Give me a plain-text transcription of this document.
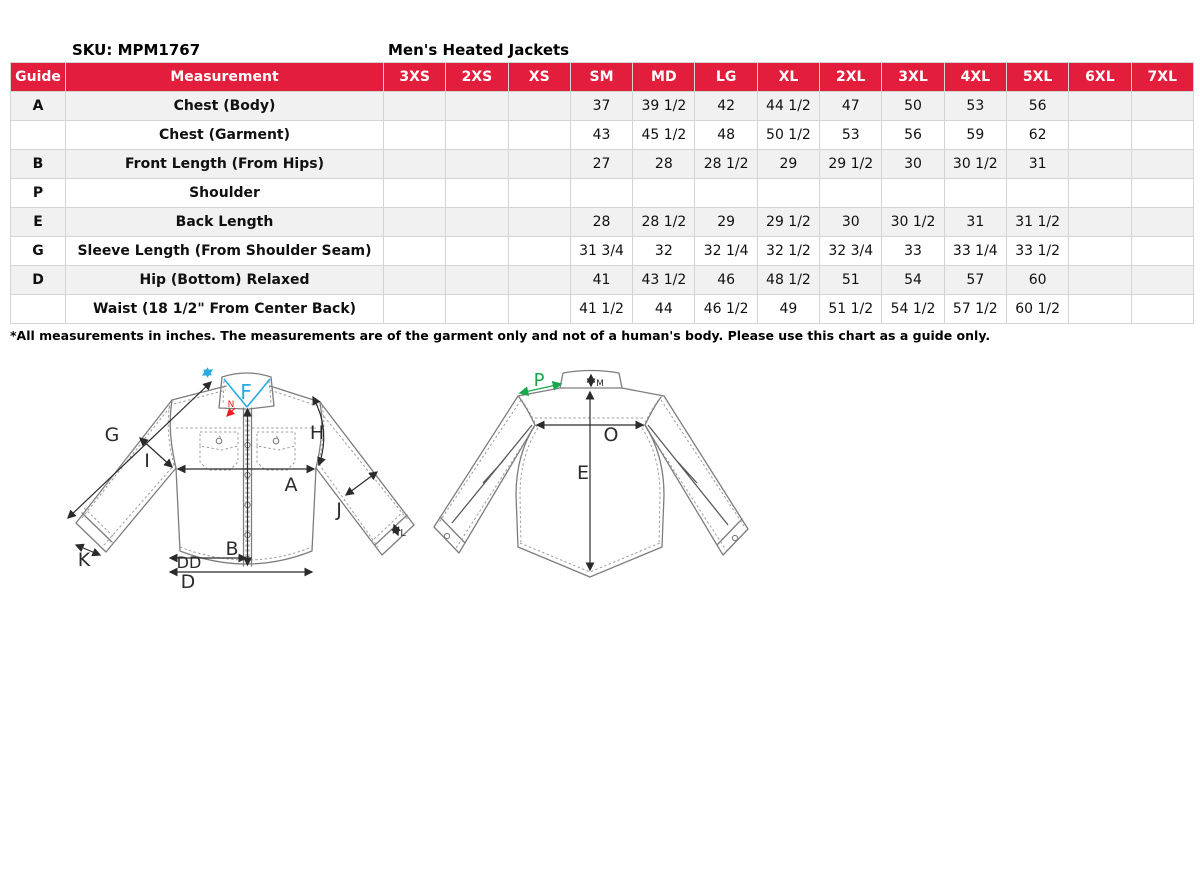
SKU: MPM1767	Men's Heated Jackets
Guide	Measurement	3XS	2XS	XS	SM	MD	LG	XL	2XL	3XL	4XL	5XL	6XL	7XL
A	Chest (Body)				37	39 1/2	42	44 1/2	47	50	53	56		
	Chest (Garment)				43	45 1/2	48	50 1/2	53	56	59	62		
B	Front Length (From Hips)				27	28	28 1/2	29	29 1/2	30	30 1/2	31		
P	Shoulder													
E	Back Length				28	28 1/2	29	29 1/2	30	30 1/2	31	31 1/2		
G	Sleeve Length (From Shoulder Seam)				31 3/4	32	32 1/4	32 1/2	32 3/4	33	33 1/4	33 1/2		
D	Hip (Bottom) Relaxed				41	43 1/2	46	48 1/2	51	54	57	60		
	Waist (18 1/2" From Center Back)				41 1/2	44	46 1/2	49	51 1/2	54 1/2	57 1/2	60 1/2		
*All measurements in inches. The measurements are of the garment only and not of a human's body. Please use this chart as a guide only.
F
N
G
I
H
A
J
B
K	DD
D
L
P	M
O
E
